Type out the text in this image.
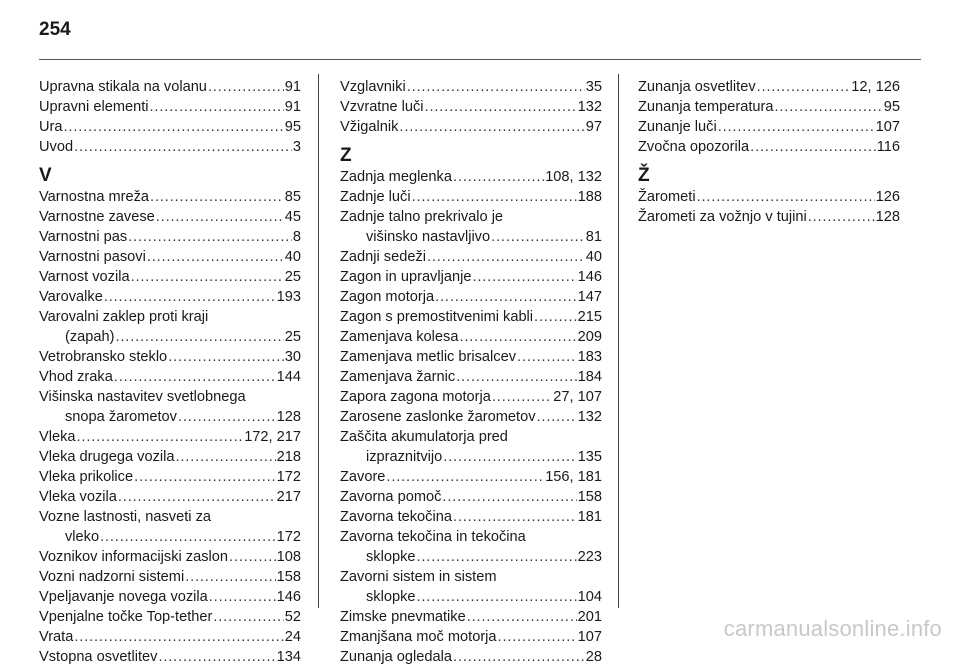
254
Upravna stikala na volanu . . .	91
Upravni elementi . . .	91
Ura . . .	95
Uvod . . .	3
V
Varnostna mreža . . .	85
Varnostne zavese . . .	45
Varnostni pas . . .	8
Varnostni pasovi . . .	40
Varnost vozila . . .	25
Varovalke . . .	193
Varovalni zaklep proti kraji
(zapah) . . .	25
Vetrobransko steklo . . .	30
Vhod zraka . . .	144
Višinska nastavitev svetlobnega
snopa žarometov . . .	128
Vleka . . .	172, 217
Vleka drugega vozila . . .	218
Vleka prikolice . . .	172
Vleka vozila . . .	217
Vozne lastnosti, nasveti za
vleko . . .	172
Voznikov informacijski zaslon . . .	108
Vozni nadzorni sistemi . . .	158
Vpeljavanje novega vozila . . .	146
Vpenjalne točke Top-tether . . .	52
Vrata . . .	24
Vstopna osvetlitev . . .	134
Vzglavniki . . .	35
Vzvratne luči . . .	132
Vžigalnik . . .	97
Z
Zadnja meglenka . . .	108, 132
Zadnje luči . . .	188
Zadnje talno prekrivalo je
višinsko nastavljivo . . .	81
Zadnji sedeži . . .	40
Zagon in upravljanje . . .	146
Zagon motorja . . .	147
Zagon s premostitvenimi kabli . . .	215
Zamenjava kolesa . . .	209
Zamenjava metlic brisalcev . . .	183
Zamenjava žarnic . . .	184
Zapora zagona motorja . . .	27, 107
Zarosene zaslonke žarometov . . .	132
Zaščita akumulatorja pred
izpraznitvijo . . .	135
Zavore . . .	156, 181
Zavorna pomoč . . .	158
Zavorna tekočina . . .	181
Zavorna tekočina in tekočina
sklopke . . .	223
Zavorni sistem in sistem
sklopke . . .	104
Zimske pnevmatike . . .	201
Zmanjšana moč motorja . . .	107
Zunanja ogledala . . .	28
Zunanja osvetlitev . . .	12, 126
Zunanja temperatura . . .	95
Zunanje luči . . .	107
Zvočna opozorila . . .	116
Ž
Žarometi . . .	126
Žarometi za vožnjo v tujini . . .	128
carmanualsonline.info
